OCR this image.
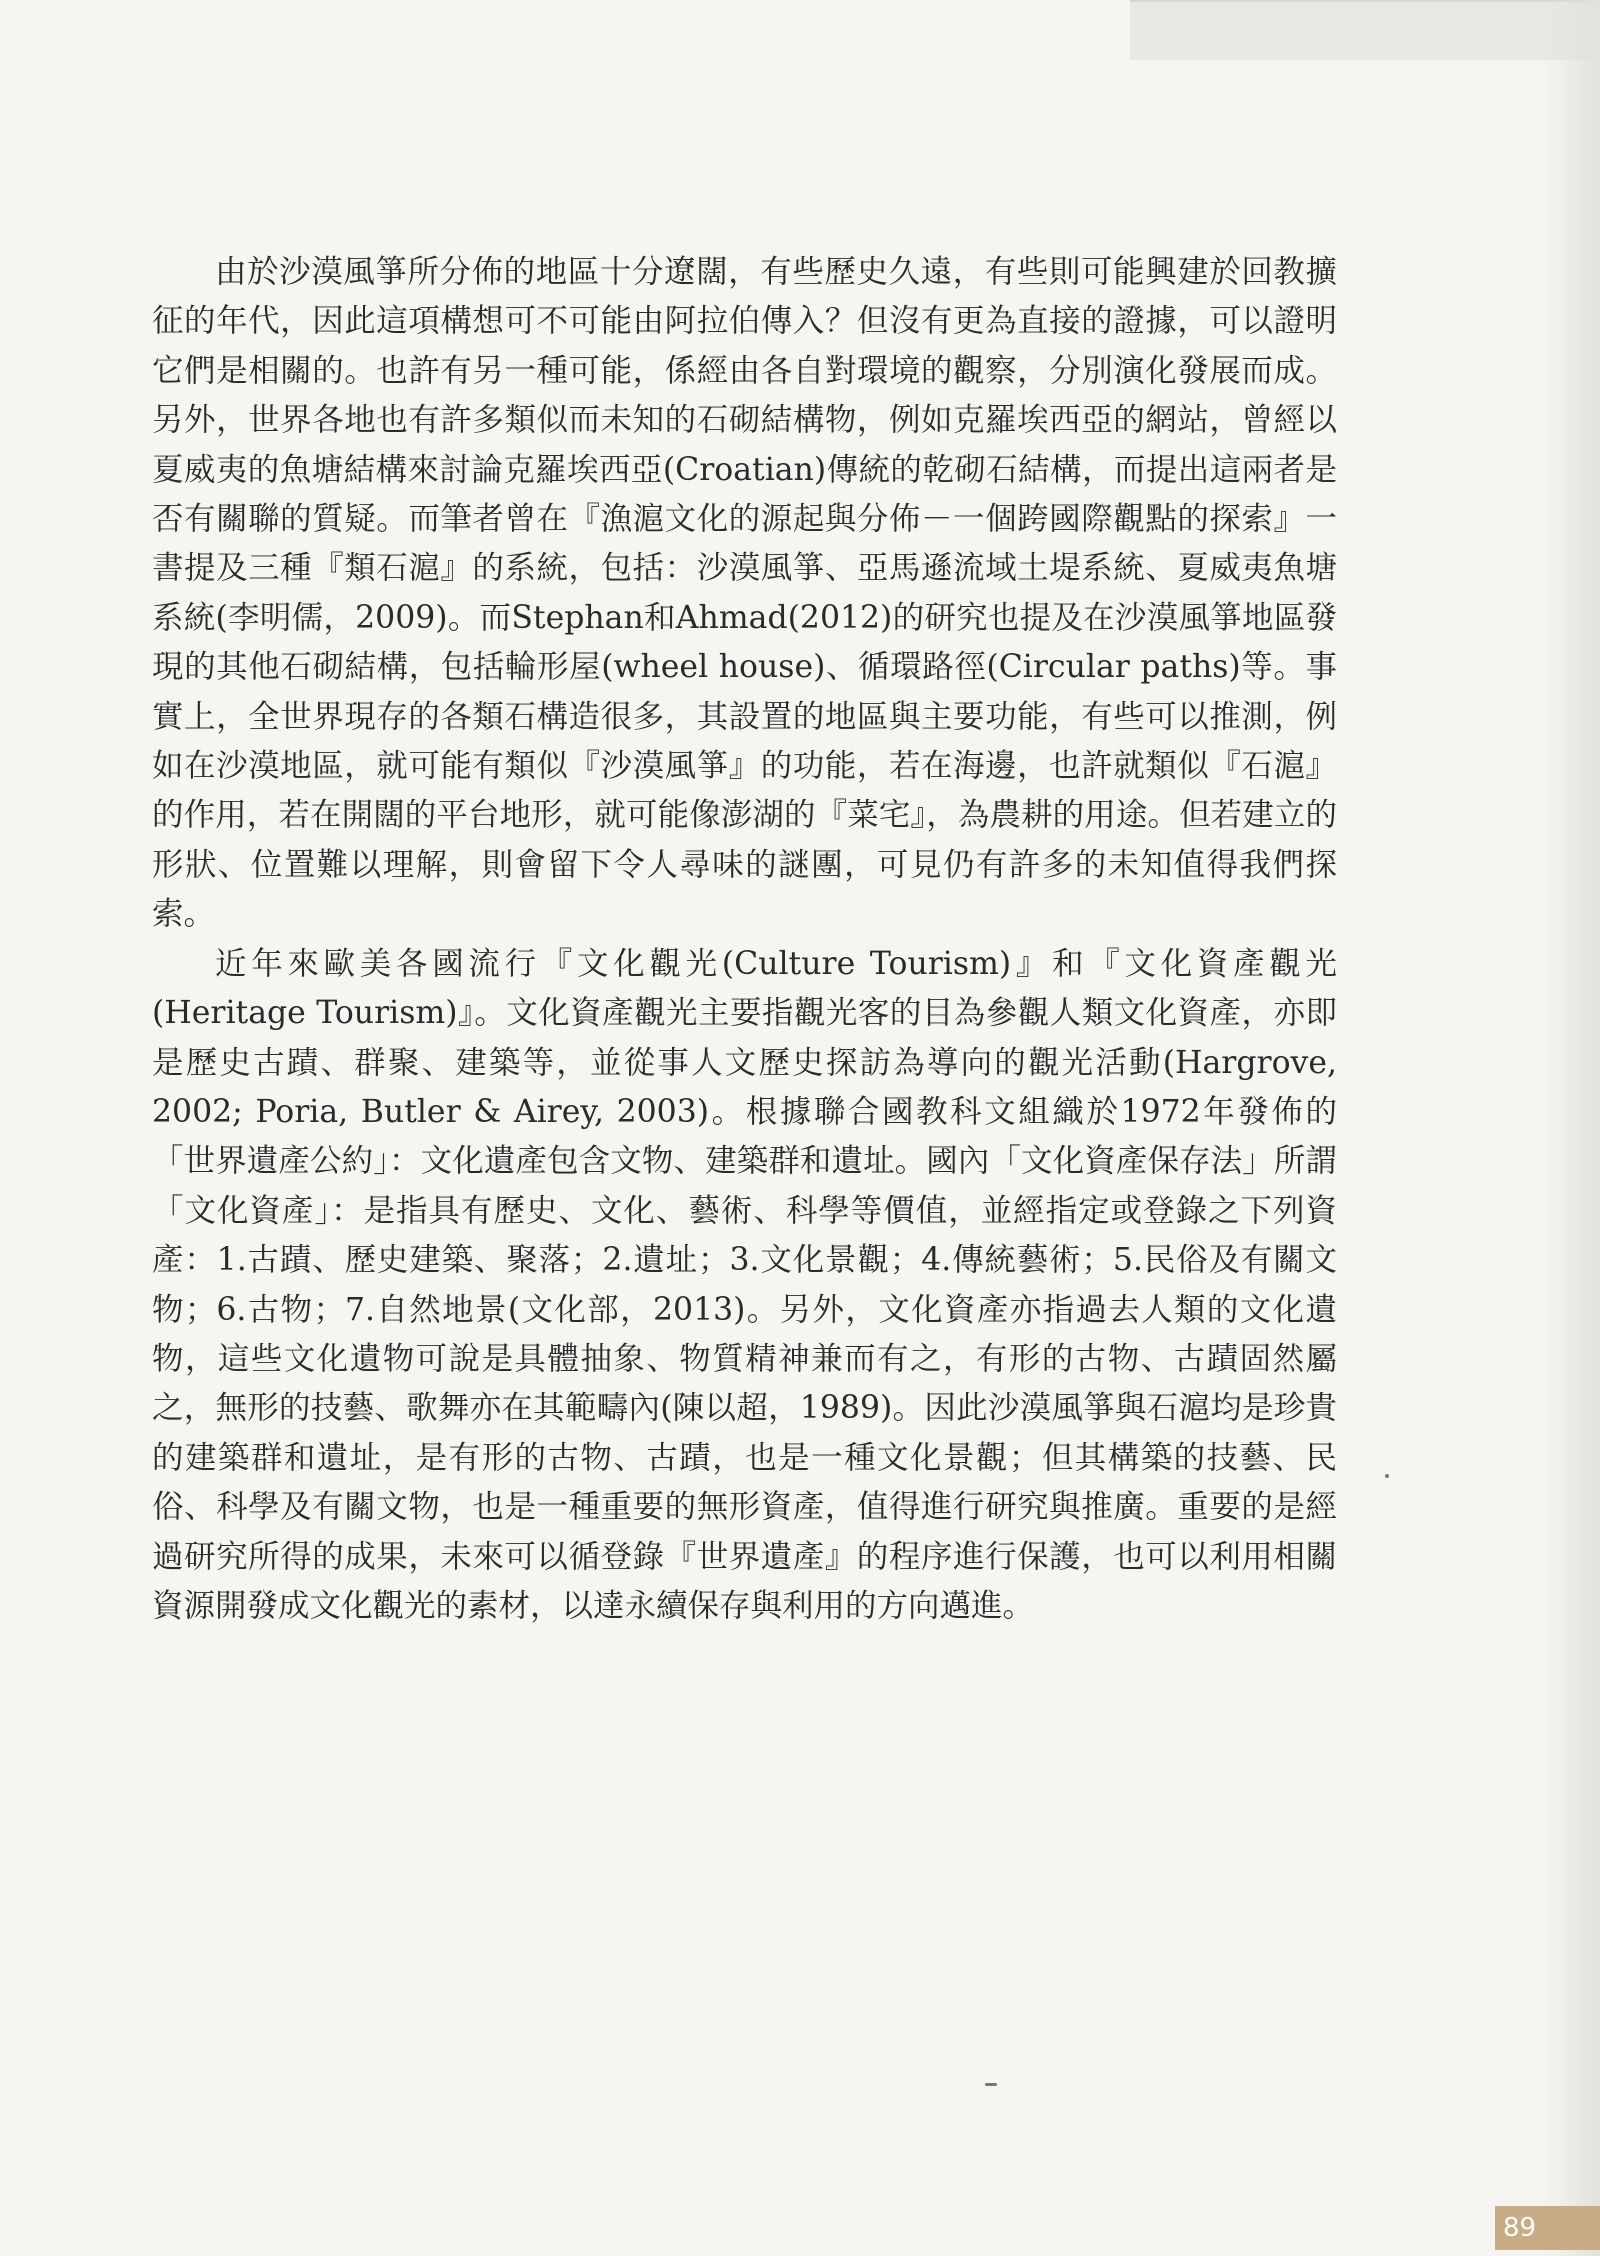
由於沙漠風箏所分佈的地區十分遼闊，有些歷史久遠，有些則可能興建於回教擴征的年代，因此這項構想可不可能由阿拉伯傳入？但沒有更為直接的證據，可以證明它們是相關的。也許有另一種可能，係經由各自對環境的觀察，分別演化發展而成。另外，世界各地也有許多類似而未知的石砌結構物，例如克羅埃西亞的網站，曾經以夏威夷的魚塘結構來討論克羅埃西亞(Croatian)傳統的乾砌石結構，而提出這兩者是否有關聯的質疑。而筆者曾在『漁滬文化的源起與分佈－一個跨國際觀點的探索』一書提及三種『類石滬』的系統，包括：沙漠風箏、亞馬遜流域土堤系統、夏威夷魚塘系統(李明儒，2009)。而Stephan和Ahmad(2012)的研究也提及在沙漠風箏地區發現的其他石砌結構，包括輪形屋(wheel house)、循環路徑(Circular paths)等。事實上，全世界現存的各類石構造很多，其設置的地區與主要功能，有些可以推測，例如在沙漠地區，就可能有類似『沙漠風箏』的功能，若在海邊，也許就類似『石滬』的作用，若在開闊的平台地形，就可能像澎湖的『菜宅』，為農耕的用途。但若建立的形狀、位置難以理解，則會留下令人尋味的謎團，可見仍有許多的未知值得我們探索。

近年來歐美各國流行『文化觀光(Culture Tourism)』和『文化資產觀光(Heritage Tourism)』。文化資產觀光主要指觀光客的目為參觀人類文化資產，亦即是歷史古蹟、群聚、建築等，並從事人文歷史探訪為導向的觀光活動(Hargrove, 2002; Poria, Butler & Airey, 2003)。根據聯合國教科文組織於1972年發佈的「世界遺產公約」：文化遺產包含文物、建築群和遺址。國內「文化資產保存法」所謂「文化資產」：是指具有歷史、文化、藝術、科學等價值，並經指定或登錄之下列資產：1.古蹟、歷史建築、聚落；2.遺址；3.文化景觀；4.傳統藝術；5.民俗及有關文物；6.古物；7.自然地景(文化部，2013)。另外，文化資產亦指過去人類的文化遺物，這些文化遺物可說是具體抽象、物質精神兼而有之，有形的古物、古蹟固然屬之，無形的技藝、歌舞亦在其範疇內(陳以超，1989)。因此沙漠風箏與石滬均是珍貴的建築群和遺址，是有形的古物、古蹟，也是一種文化景觀；但其構築的技藝、民俗、科學及有關文物，也是一種重要的無形資產，值得進行研究與推廣。重要的是經過研究所得的成果，未來可以循登錄『世界遺產』的程序進行保護，也可以利用相關資源開發成文化觀光的素材，以達永續保存與利用的方向邁進。

89
